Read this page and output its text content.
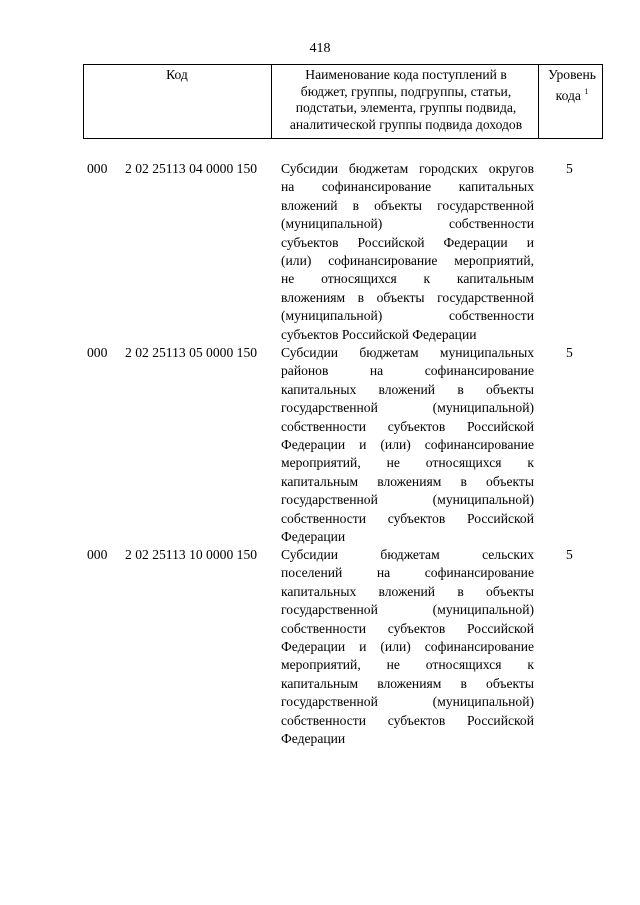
418
Код	Наименование кода поступлений в
бюджет, группы, подгруппы, статьи,
подстатьи, элемента, группы подвида,
аналитической группы подвида доходов
Уровень
кода $^1$
000 2 02 25113 04 0000 150 Субсидии бюджетам городских округов
на софинансирование капитальных
вложений в объекты государственной
(муниципальной) собственности
субъектов Российской Федерации и
(или) софинансирование мероприятий,
не относящихся к капитальным
вложениям в объекты государственной
(муниципальной) собственности
субъектов Российской Федерации
5
000 2 02 25113 05 0000 150 Субсидии бюджетам муниципальных
районов на софинансирование
капитальных вложений в объекты
государственной (муниципальной)
собственности субъектов Российской
Федерации и (или) софинансирование
мероприятий, не относящихся к
капитальным вложениям в объекты
государственной (муниципальной)
собственности субъектов Российской
Федерации
5
000 2 02 25113 10 0000 150 Субсидии бюджетам сельских
поселений на софинансирование
капитальных вложений в объекты
государственной (муниципальной)
собственности субъектов Российской
Федерации и (или) софинансирование
мероприятий, не относящихся к
капитальным вложениям в объекты
государственной (муниципальной)
собственности субъектов Российской
Федерации
5
